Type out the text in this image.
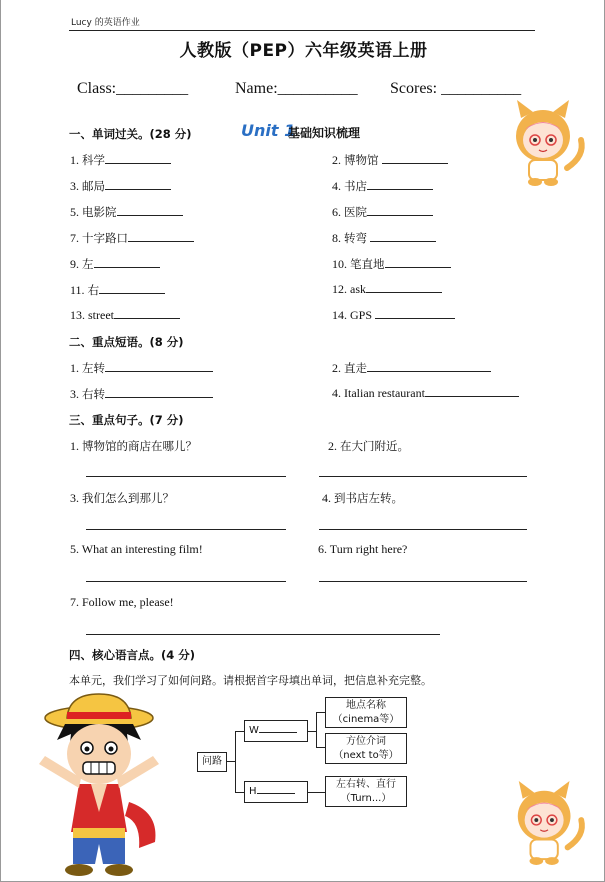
Lucy 的英语作业
人教版（PEP）六年级英语上册
Class:_________	Name:__________ Scores: __________
一、单词过关。(28 分)	Unit 1
基础知识梳理
1. 科学	2. 博物馆
3. 邮局	4. 书店
5. 电影院	6. 医院
7. 十字路口	8. 转弯
9. 左	10. 笔直地
11. 右	12. ask
13. street	14. GPS
二、重点短语。(8 分)
1. 左转	2. 直走
3. 右转	4. Italian restaurant
三、重点句子。(7 分)
1. 博物馆的商店在哪儿？	2. 在大门附近。
3. 我们怎么到那儿？	4. 到书店左转。
5. What an interesting film!	6. Turn right here?
7. Follow me, please!
四、核心语言点。(4 分)
本单元，我们学习了如何问路。请根据首字母填出单词，把信息补充完整。
问路
W
H
地点名称
（cinema等）
方位介词
（next to等）
左右转、直行
（Turn...）
